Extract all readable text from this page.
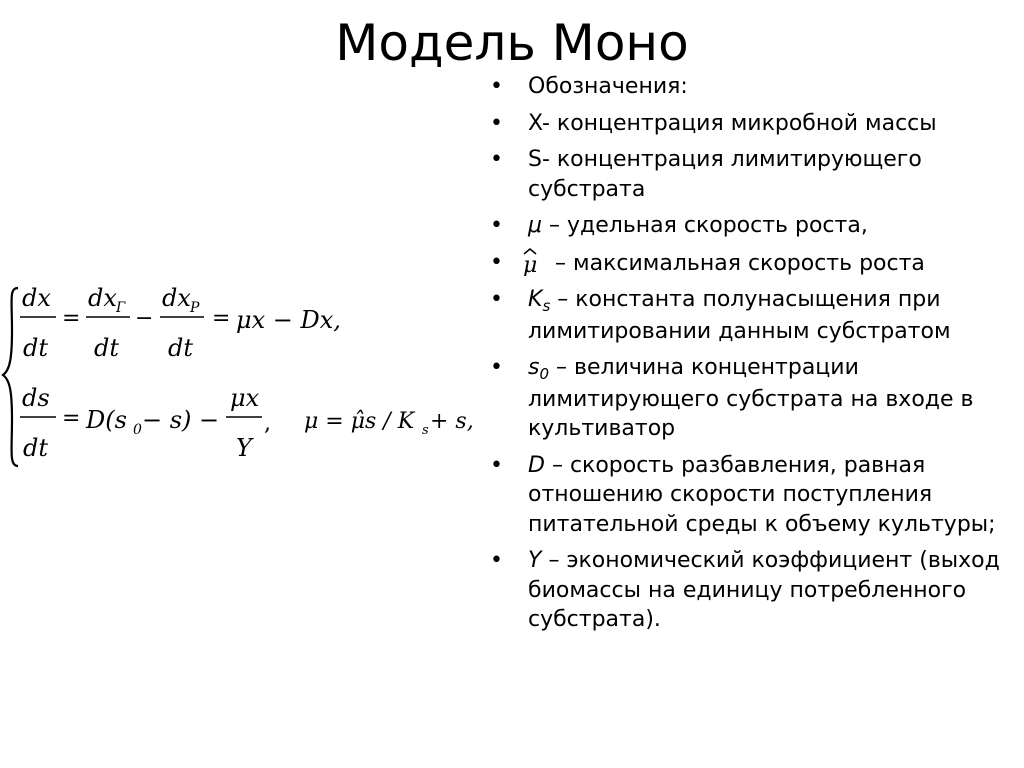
Модель Моно
dx
dt
=
dx Г
dt
−
dx P
dt
= μx − Dx,
ds
dt
= D(s 0 − s) −
μx
Y
, μ = μ̂s / K s + s,
• Обозначения:
• X- концентрация микробной массы
• S- концентрация лимитирующего субстрата
• μ – удельная скорость роста,
• μ – максимальная скорость роста
• $K_s$ – константа полунасыщения при лимитировании данным субстратом
• $s_0$ – величина концентрации лимитирующего субстрата на входе в культиватор
• D – скорость разбавления, равная отношению скорости поступления питательной среды к объему культуры;
• Y – экономический коэффициент (выход биомассы на единицу потребленного субстрата).
